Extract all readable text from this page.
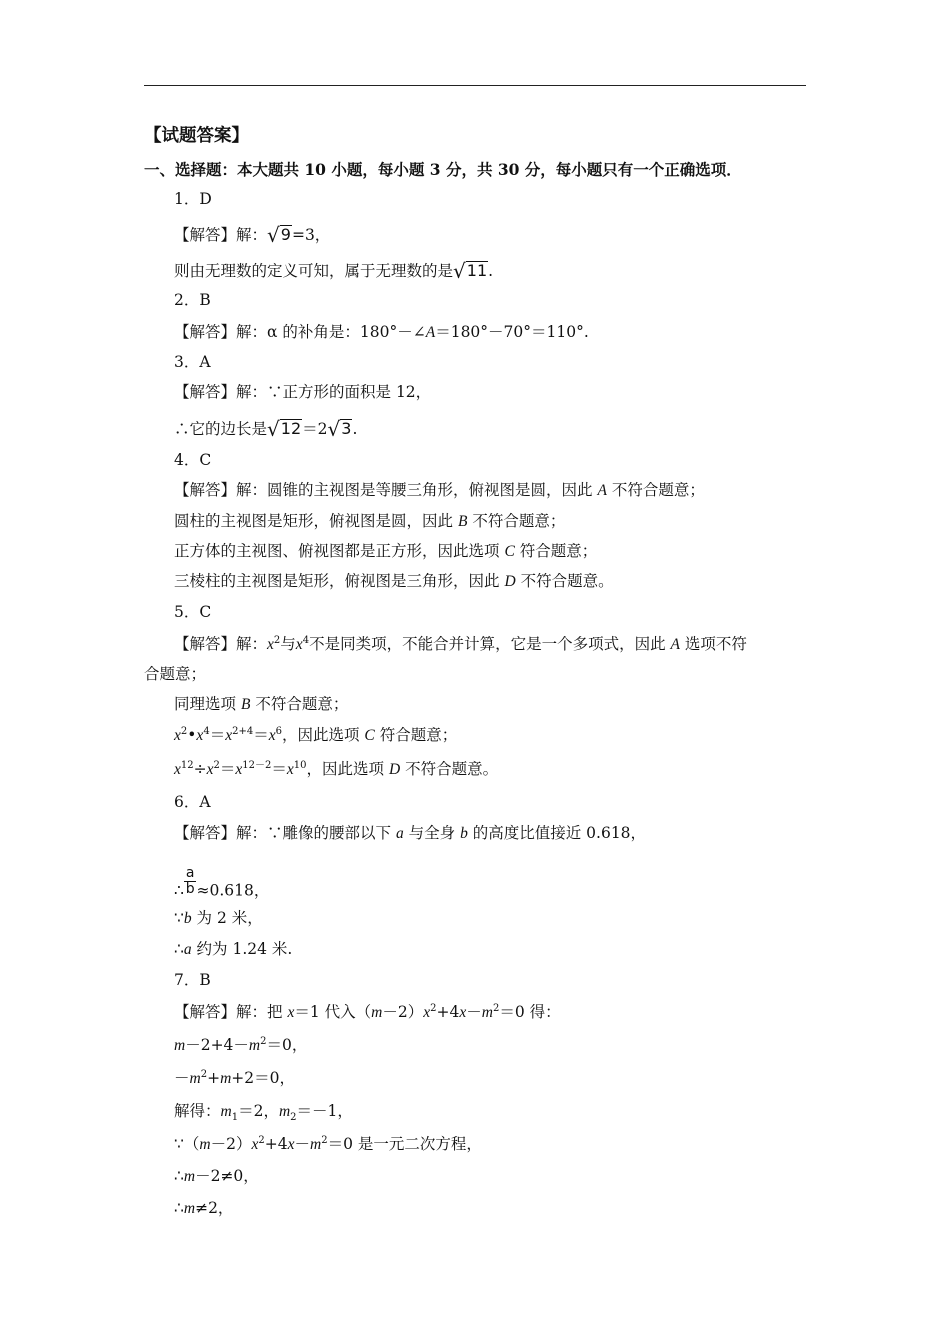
【试题答案】
一、选择题：本大题共 10 小题，每小题 3 分，共 30 分，每小题只有一个正确选项．
1．D
【解答】解：√9=3，
则由无理数的定义可知，属于无理数的是√11.
2．B
【解答】解：α 的补角是：180°－∠A＝180°－70°＝110°.
3．A
【解答】解：∵正方形的面积是 12，
∴它的边长是√12＝2√3.
4．C
【解答】解：圆锥的主视图是等腰三角形，俯视图是圆，因此 A 不符合题意；
圆柱的主视图是矩形，俯视图是圆，因此 B 不符合题意；
正方体的主视图、俯视图都是正方形，因此选项 C 符合题意；
三棱柱的主视图是矩形，俯视图是三角形，因此 D 不符合题意。
5．C
【解答】解：$x^2$与$x^4$不是同类项，不能合并计算，它是一个多项式，因此 A 选项不符
合题意；
同理选项 B 不符合题意；
$x^2•x^4=x^{2+4}=x^6$，因此选项 C 符合题意；
$x^{12}\div x^2=x^{12-2}=x^{10}$，因此选项 D 不符合题意。
6．A
【解答】解：∵雕像的腰部以下 a 与全身 b 的高度比值接近 0.618，
∴ $\frac{a}{b} \approx 0.618$，
∵b 为 2 米，
∴a 约为 1.24 米.
7．B
【解答】解：把 x＝1 代入$(m-2)x^2+4x-m^2=0$ 得：
$m-2+4-m^2=0$，
$-m^2+m+2=0$，
解得：$m_1=2$，$m_2=-1$，
$\because(m-2)x^2+4x-m^2=0$ 是一元二次方程，
∴m－2≠0，
∴m≠2，
